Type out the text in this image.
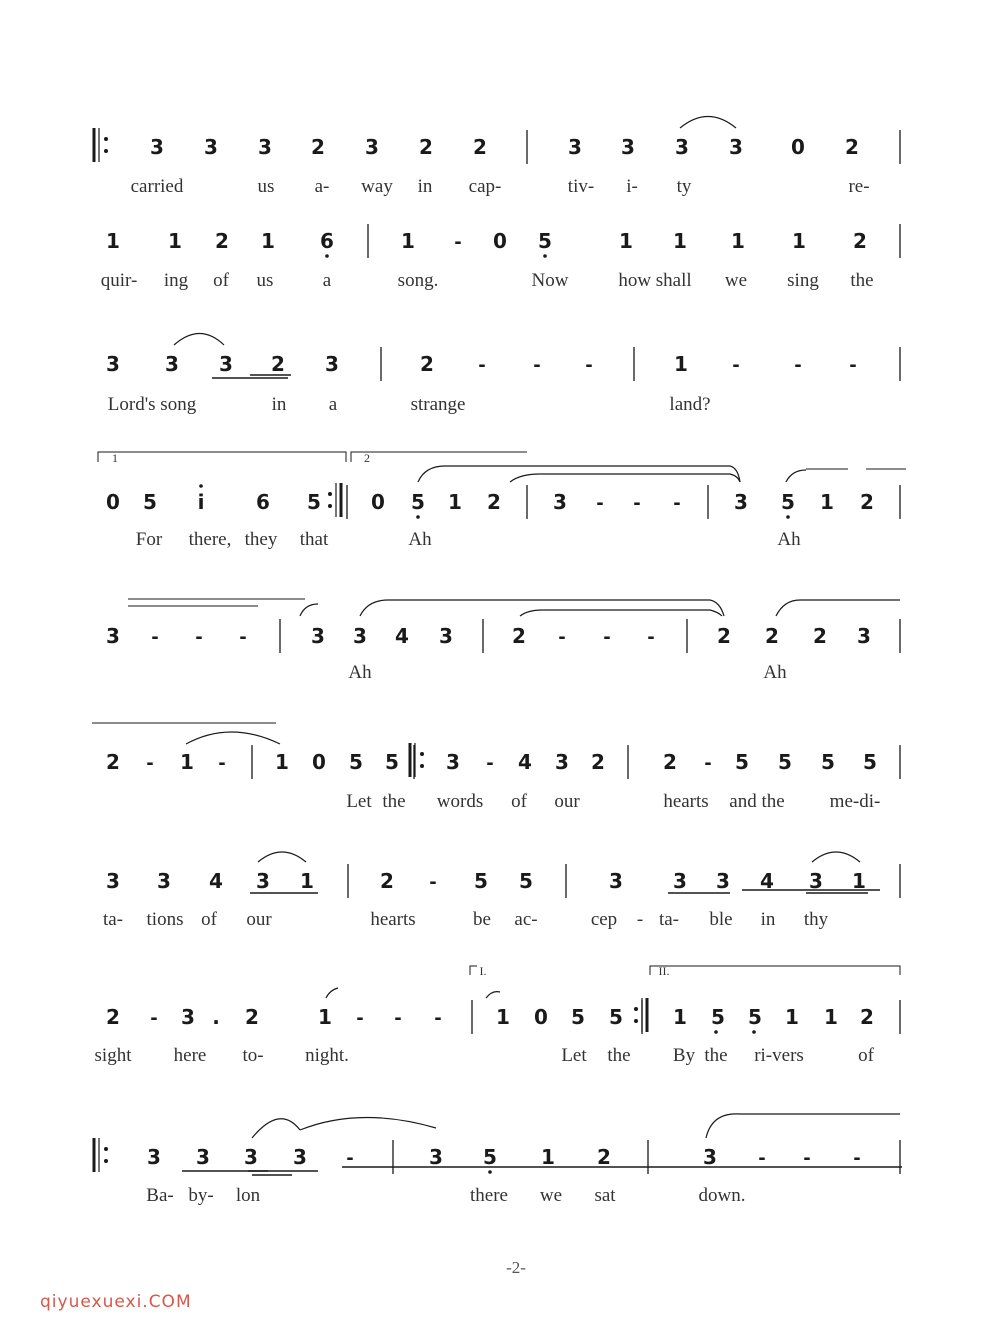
3 3 3 2 3 2 2	3 3 3 3 0 2
1 1 2 1 6	1 - 0 5	1 1 1 1 2
3 3 3 2 3	2 -	- -	1 -	-	-
0 5 i	6 5	0 5 1 2	3 - - -	3 5 1 2
3 - - -	3 3 4 3	2 - - -	2 2 2 3
2 - 1 - 1 0 5 5 3 - 4 3 2	2 - 5 5 5 5
3 3 4 3 1	2 - 5 5	3	3 3 4 3 1
2 - 3 . 2	1 - - -	1 0 5 5	1 5 5 1 1 2
3 3 3 3 -	3 5 1 2	3 - - -
1	2
I.	II.
carried	us a- way in cap-	tiv- i- ty	re-
quir- ing of us	a	song.	Now	how shall we sing the
Lord's song	in a	strange	land?
For there, they that	Ah	Ah
Ah	Ah
Let the words of our	hearts and the me-di-
ta- tions of our	hearts	be ac-	cep - ta- ble in thy
sight here to- night.	Let the By the ri-vers	of
Ba- by- lon	there we sat	down.
-2-
qiyuexuexi.COM
